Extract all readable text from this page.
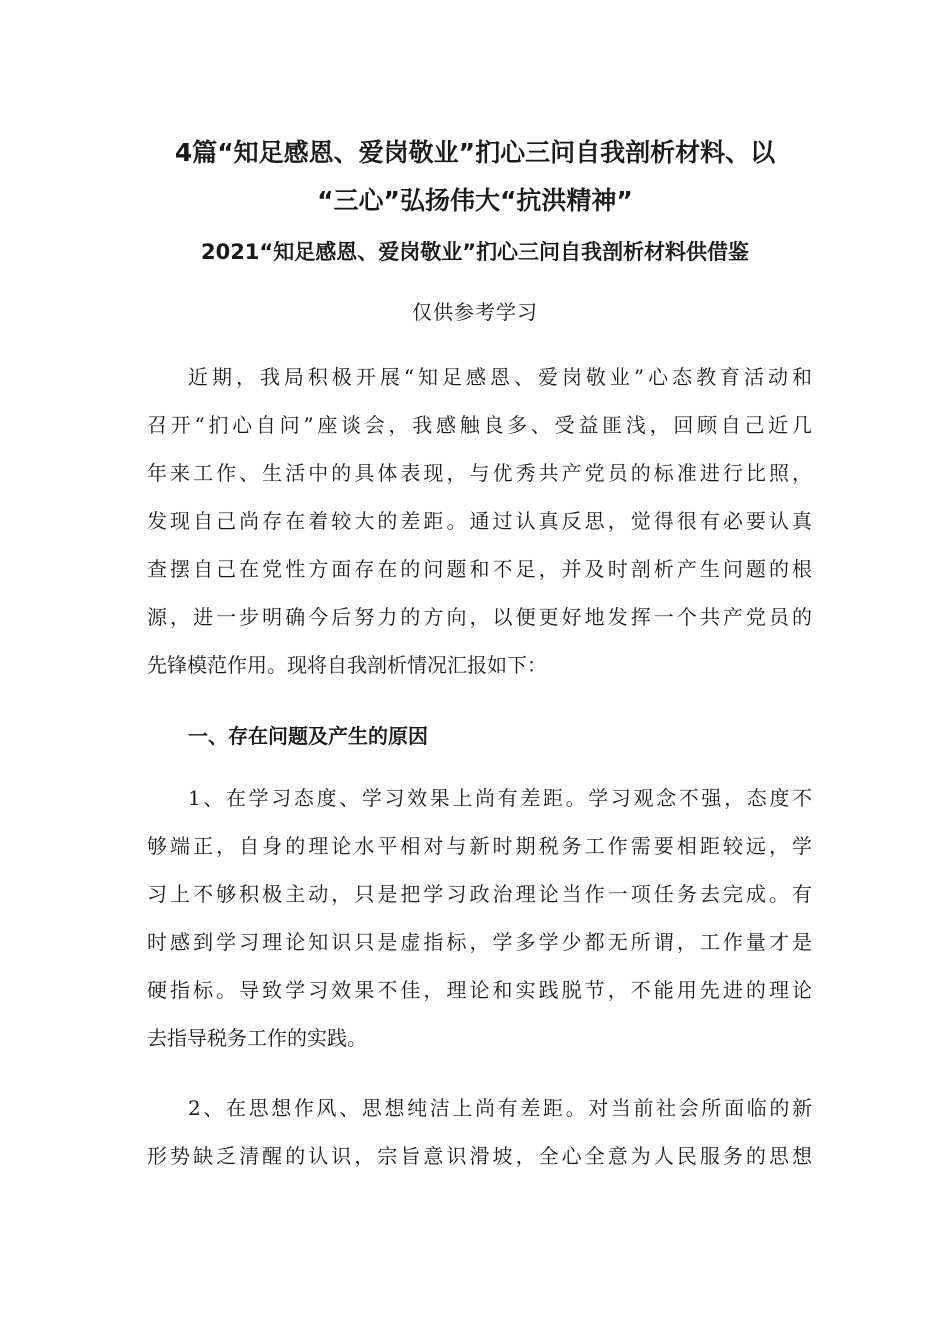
4篇“知足感恩、爱岗敬业”扪心三问自我剖析材料、以
“三心”弘扬伟大“抗洪精神”
2021“知足感恩、爱岗敬业”扪心三问自我剖析材料供借鉴

仅供参考学习

近期，我局积极开展“知足感恩、爱岗敬业”心态教育活动和

召开“扪心自问”座谈会，我感触良多、受益匪浅，回顾自己近几

年来工作、生活中的具体表现，与优秀共产党员的标准进行比照，

发现自己尚存在着较大的差距。通过认真反思，觉得很有必要认真

查摆自己在党性方面存在的问题和不足，并及时剖析产生问题的根

源，进一步明确今后努力的方向，以便更好地发挥一个共产党员的

先锋模范作用。现将自我剖析情况汇报如下：

一、存在问题及产生的原因

1、在学习态度、学习效果上尚有差距。学习观念不强，态度不

够端正，自身的理论水平相对与新时期税务工作需要相距较远，学

习上不够积极主动，只是把学习政治理论当作一项任务去完成。有

时感到学习理论知识只是虚指标，学多学少都无所谓，工作量才是

硬指标。导致学习效果不佳，理论和实践脱节，不能用先进的理论

去指导税务工作的实践。

2、在思想作风、思想纯洁上尚有差距。对当前社会所面临的新

形势缺乏清醒的认识，宗旨意识滑坡，全心全意为人民服务的思想
